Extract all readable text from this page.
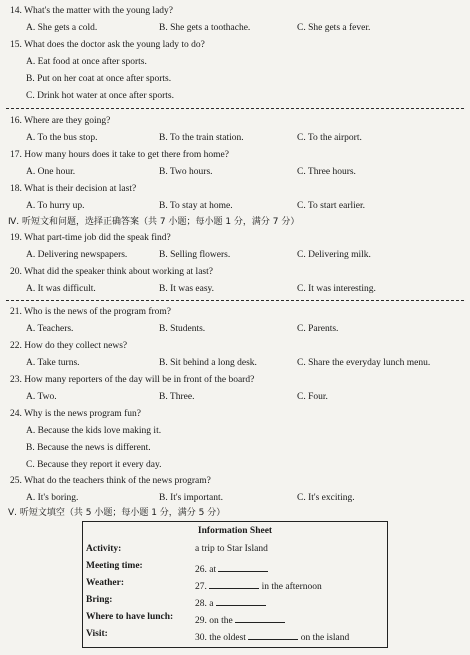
14. What's the matter with the young lady?
A. She gets a cold.	B. She gets a toothache.	C. She gets a fever.
15. What does the doctor ask the young lady to do?
A. Eat food at once after sports.
B. Put on her coat at once after sports.
C. Drink hot water at once after sports.
16. Where are they going?
A. To the bus stop.	B. To the train station.	C. To the airport.
17. How many hours does it take to get there from home?
A. One hour.	B. Two hours.	C. Three hours.
18. What is their decision at last?
A. To hurry up.	B. To stay at home.	C. To start earlier.
Ⅳ. 听短文和问题，选择正确答案（共 7 小题；每小题 1 分，满分 7 分）
19. What part-time job did the speak find?
A. Delivering newspapers.	B. Selling flowers.	C. Delivering milk.
20. What did the speaker think about working at last?
A. It was difficult.	B. It was easy.	C. It was interesting.
21. Who is the news of the program from?
A. Teachers.	B. Students.	C. Parents.
22. How do they collect news?
A. Take turns.	B. Sit behind a long desk.	C. Share the everyday lunch menu.
23. How many reporters of the day will be in front of the board?
A. Two.	B. Three.	C. Four.
24. Why is the news program fun?
A. Because the kids love making it.
B. Because the news is different.
C. Because they report it every day.
25. What do the teachers think of the news program?
A. It's boring.	B. It's important.	C. It's exciting.
Ⅴ. 听短文填空（共 5 小题；每小题 1 分，满分 5 分）
Information Sheet
Activity:	a trip to Star Island
Meeting time:	26. at
Weather:	27.	in the afternoon
Bring:	28. a
Where to have lunch: 29. on the
Visit:	30. the oldest	on the island
